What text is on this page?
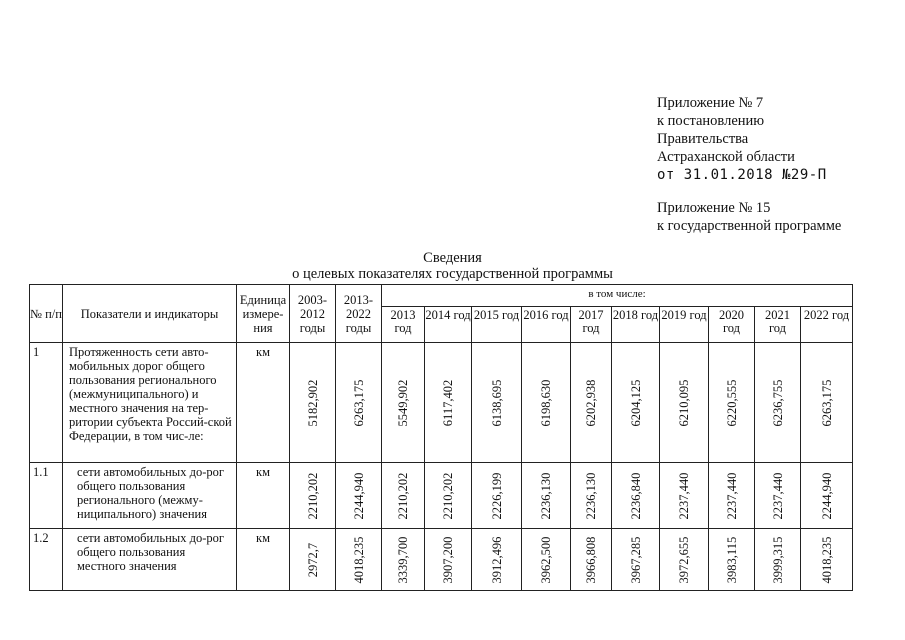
Приложение № 7
к постановлению
Правительства
Астраханской области
от 31.01.2018 №29-П
Приложение № 15
к государственной программе
Сведения
о целевых показателях государственной программы
№ п/п	Показатели и индикаторы	Единица измере-ния	2003-2012 годы	2013-2022 годы	в том числе:									
					2013 год	2014 год	2015 год	2016 год	2017 год	2018 год	2019 год	2020 год	2021 год	2022 год
1	Протяженность сети авто-мобильных дорог общего пользования регионального (межмуниципального) и местного значения на тер-ритории субъекта Россий-ской Федерации, в том чис-ле:	км	5182,902	6263,175	5549,902	6117,402	6138,695	6198,630	6202,938	6204,125	6210,095	6220,555	6236,755	6263,175

1.1	сети автомобильных до-рог общего пользования регионального (межму-ниципального) значения	км	2210,202	2244,940	2210,202	2210,202	2226,199	2236,130	2236,130	2236,840	2237,440	2237,440	2237,440	2244,940

1.2	сети автомобильных до-рог общего пользования местного значения	км	2972,7	4018,235	3339,700	3907,200	3912,496	3962,500	3966,808	3967,285	3972,655	3983,115	3999,315	4018,235
